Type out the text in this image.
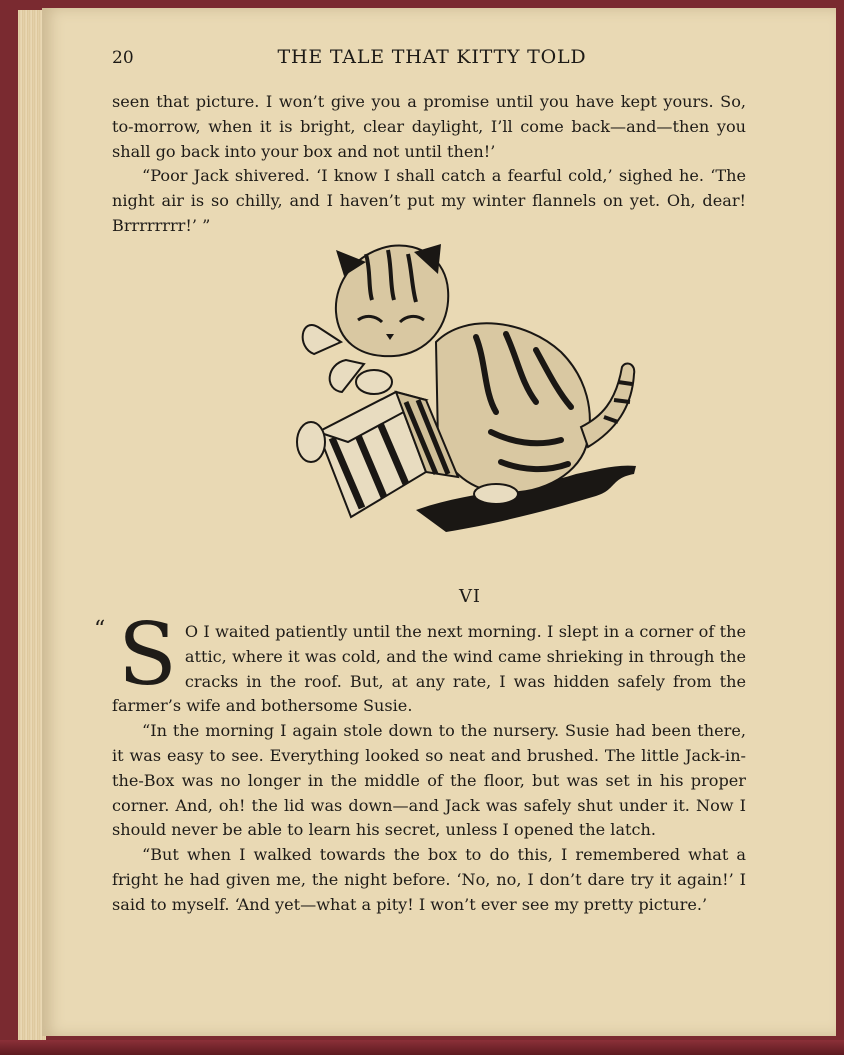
20	THE TALE THAT KITTY TOLD

seen that picture. I won’t give you a promise until you have kept yours. So, to-morrow, when it is bright, clear daylight, I’ll come back—and—then you shall go back into your box and not until then!’

“Poor Jack shivered. ‘I know I shall catch a fearful cold,’ sighed he. ‘The night air is so chilly, and I haven’t put my winter flannels on yet. Oh, dear! Brrrrrrrr!’ ”

VI
“ S O I waited patiently until the next morning. I slept in a corner of the attic, where it was cold, and the wind came shrieking in through the cracks in the roof. But, at any rate, I was hidden safely from the farmer’s wife and bothersome Susie.

“In the morning I again stole down to the nursery. Susie had been there, it was easy to see. Everything looked so neat and brushed. The little Jack-in-the-Box was no longer in the middle of the floor, but was set in his proper corner. And, oh! the lid was down—and Jack was safely shut under it. Now I should never be able to learn his secret, unless I opened the latch.

“But when I walked towards the box to do this, I remembered what a fright he had given me, the night before. ‘No, no, I don’t dare try it again!’ I said to myself. ‘And yet—what a pity! I won’t ever see my pretty picture.’
